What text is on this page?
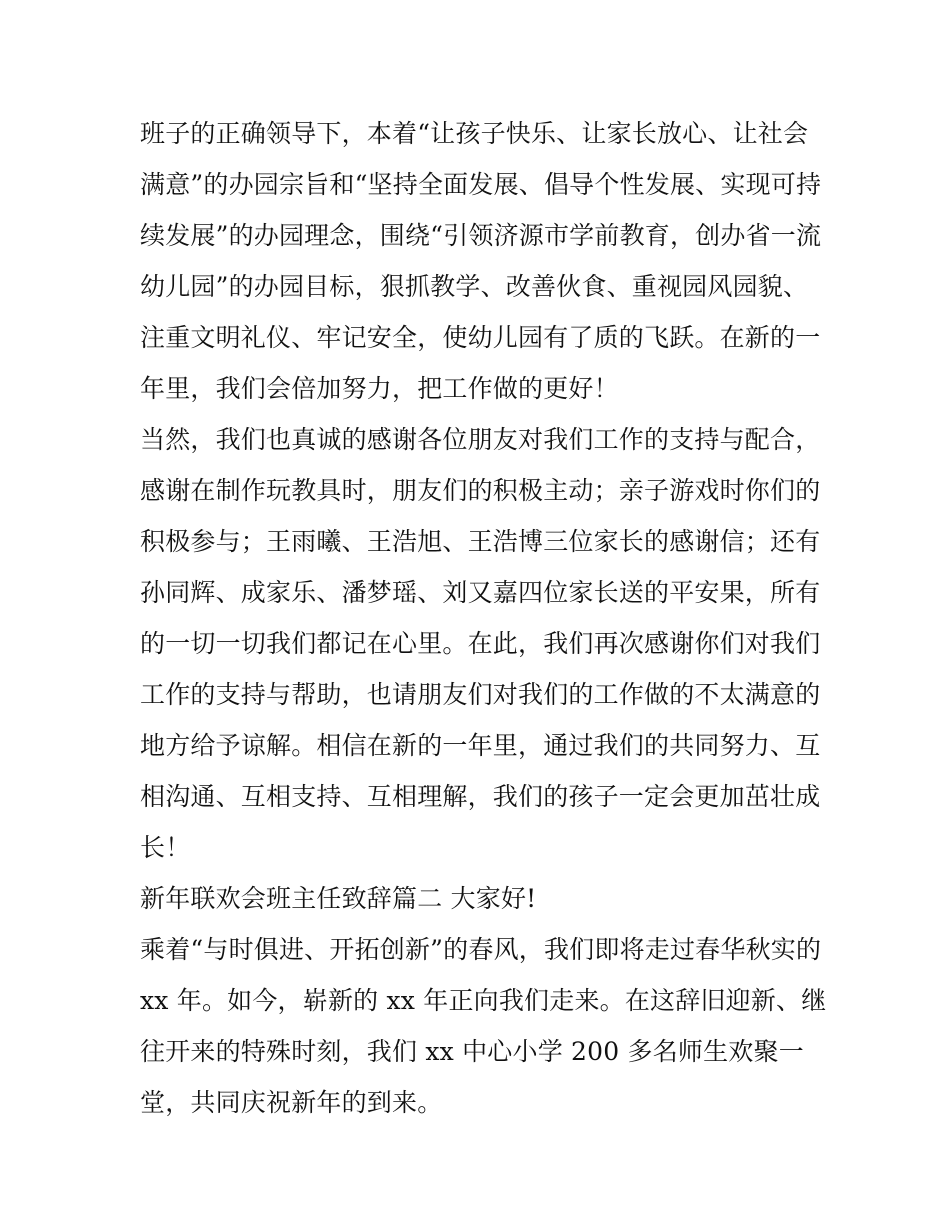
班子的正确领导下，本着“让孩子快乐、让家长放心、让社会
满意”的办园宗旨和“坚持全面发展、倡导个性发展、实现可持
续发展”的办园理念，围绕“引领济源市学前教育，创办省一流
幼儿园”的办园目标，狠抓教学、改善伙食、重视园风园貌、
注重文明礼仪、牢记安全，使幼儿园有了质的飞跃。在新的一
年里，我们会倍加努力，把工作做的更好！
当然，我们也真诚的感谢各位朋友对我们工作的支持与配合，
感谢在制作玩教具时，朋友们的积极主动；亲子游戏时你们的
积极参与；王雨曦、王浩旭、王浩博三位家长的感谢信；还有
孙同辉、成家乐、潘梦瑶、刘又嘉四位家长送的平安果，所有
的一切一切我们都记在心里。在此，我们再次感谢你们对我们
工作的支持与帮助，也请朋友们对我们的工作做的不太满意的
地方给予谅解。相信在新的一年里，通过我们的共同努力、互
相沟通、互相支持、互相理解，我们的孩子一定会更加茁壮成
长！
新年联欢会班主任致辞篇二 大家好!
乘着“与时俱进、开拓创新”的春风，我们即将走过春华秋实的
xx 年。如今，崭新的 xx 年正向我们走来。在这辞旧迎新、继
往开来的特殊时刻，我们 xx 中心小学 200 多名师生欢聚一
堂，共同庆祝新年的到来。
